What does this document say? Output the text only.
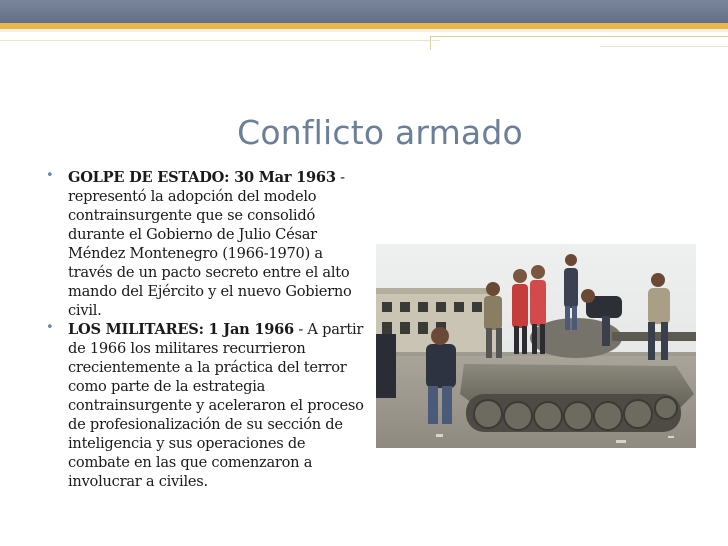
Conflicto armado
• GOLPE DE ESTADO: 30 Mar 1963 - representó la adopción del modelo contrainsurgente que se consolidó durante el Gobierno de Julio César Méndez Montenegro (1966-1970) a través de un pacto secreto entre el alto mando del Ejército y el nuevo Gobierno civil.
• LOS MILITARES: 1 Jan 1966 - A partir de 1966 los militares recurrieron crecientemente a la práctica del terror como parte de la estrategia contrainsurgente y aceleraron el proceso de profesionalización de su sección de inteligencia y sus operaciones de combate en las que comenzaron a involucrar a civiles.
